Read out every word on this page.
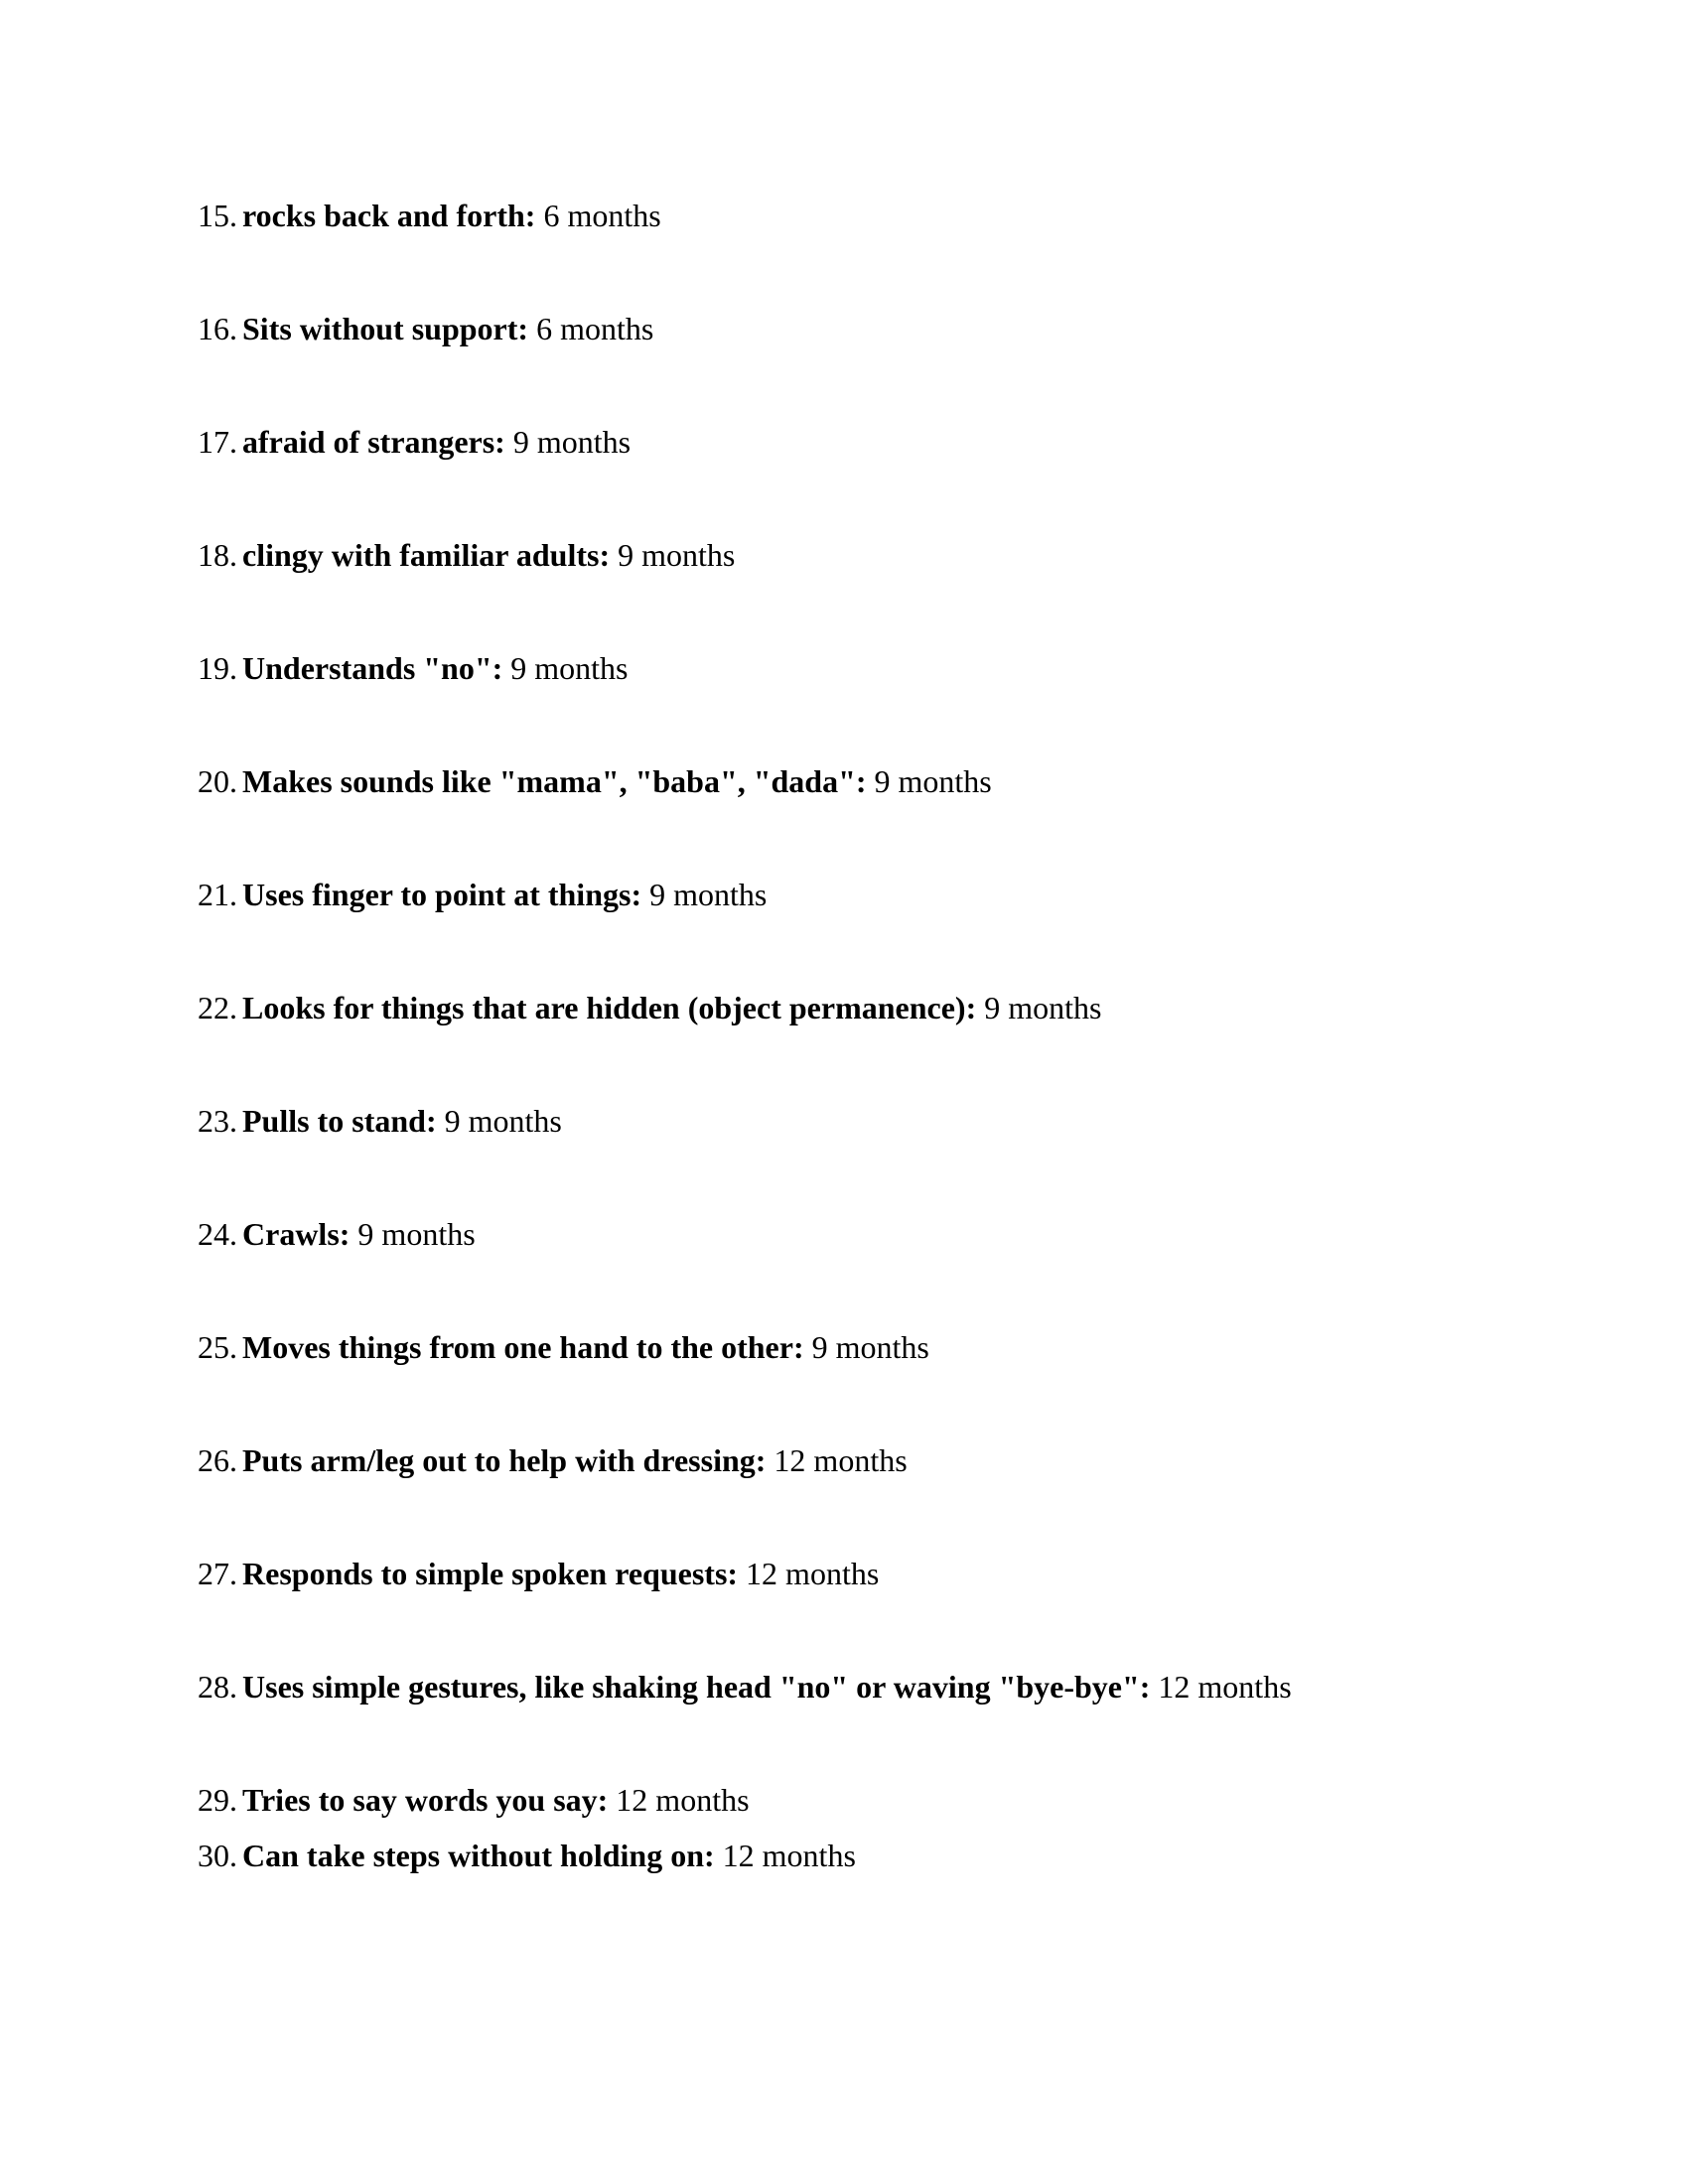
15. rocks back and forth: 6 months
16. Sits without support: 6 months
17. afraid of strangers: 9 months
18. clingy with familiar adults: 9 months
19. Understands "no": 9 months
20. Makes sounds like "mama", "baba", "dada": 9 months
21. Uses finger to point at things: 9 months
22. Looks for things that are hidden (object permanence): 9 months
23. Pulls to stand: 9 months
24. Crawls: 9 months
25. Moves things from one hand to the other: 9 months
26. Puts arm/leg out to help with dressing: 12 months
27. Responds to simple spoken requests: 12 months
28. Uses simple gestures, like shaking head "no" or waving "bye-bye": 12 months
29. Tries to say words you say: 12 months
30. Can take steps without holding on: 12 months
